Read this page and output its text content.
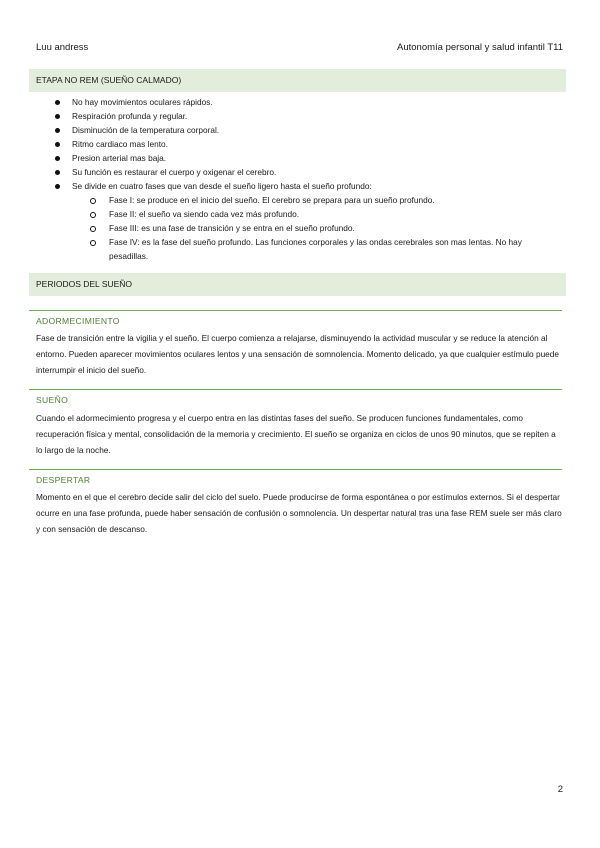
Luu andress	Autonomía personal y salud infantil T11
ETAPA NO REM (SUEÑO CALMADO)
No hay movimientos oculares rápidos.
Respiración profunda y regular.
Disminución de la temperatura corporal.
Ritmo cardiaco mas lento.
Presion arterial mas baja.
Su función es restaurar el cuerpo y oxigenar el cerebro.
Se divide en cuatro fases que van desde el sueño ligero hasta el sueño profundo:
Fase I: se produce en el inicio del sueño. El cerebro se prepara para un sueño profundo.
Fase II: el sueño va siendo cada vez más profundo.
Fase III: es una fase de transición y se entra en el sueño profundo.
Fase IV: es la fase del sueño profundo. Las funciones corporales y las ondas cerebrales son mas lentas. No hay pesadillas.
PERIODOS DEL SUEÑO
ADORMECIMIENTO
Fase de transición entre la vigilia y el sueño. El cuerpo comienza a relajarse, disminuyendo la actividad muscular y se reduce la atención al entorno. Pueden aparecer movimientos oculares lentos y una sensación de somnolencia. Momento delicado, ya que cualquier estímulo puede interrumpir el inicio del sueño.
SUEÑO
Cuando el adormecimiento progresa y el cuerpo entra en las distintas fases del sueño. Se producen funciones fundamentales, como recuperación física y mental, consolidación de la memoria y crecimiento. El sueño se organiza en ciclos de unos 90 minutos, que se repiten a lo largo de la noche.
DESPERTAR
Momento en el que el cerebro decide salir del ciclo del suelo. Puede producirse de forma espontánea o por estímulos externos. Si el despertar ocurre en una fase profunda, puede haber sensación de confusión o somnolencia. Un despertar natural tras una fase REM suele ser más claro y con sensación de descanso.
2
